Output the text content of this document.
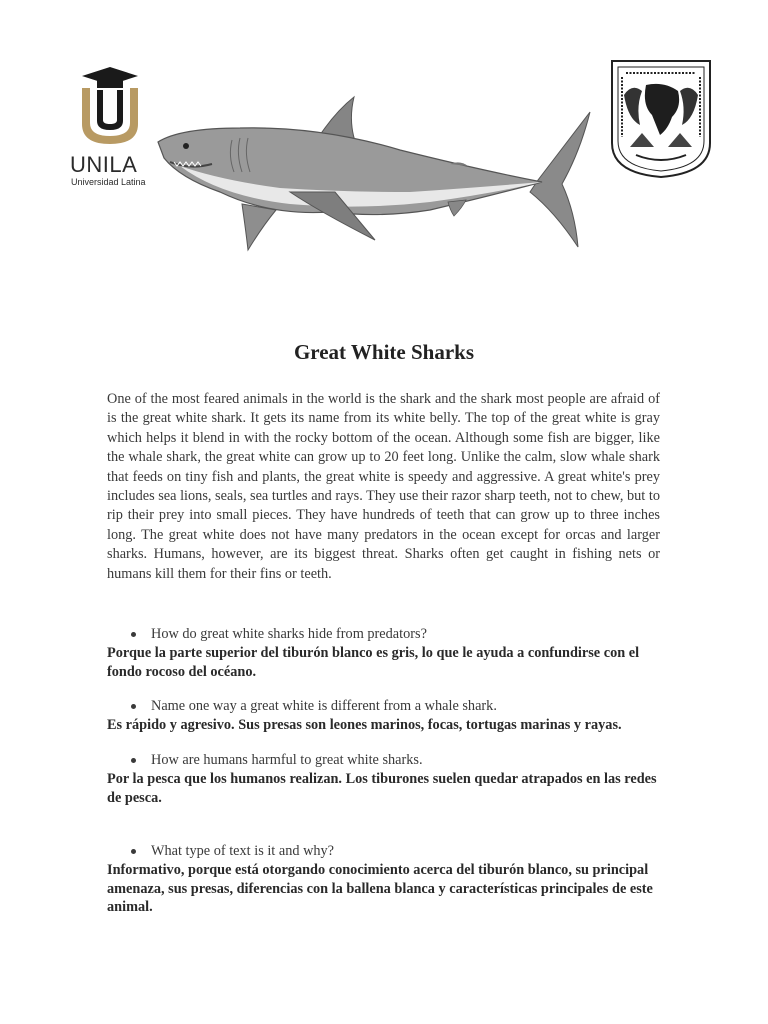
UNILA
Universidad Latina
Great White Sharks

One of the most feared animals in the world is the shark and the shark most people are afraid of is the great white shark. It gets its name from its white belly. The top of the great white is gray which helps it blend in with the rocky bottom of the ocean. Although some fish are bigger, like the whale shark, the great white can grow up to 20 feet long. Unlike the calm, slow whale shark that feeds on tiny fish and plants, the great white is speedy and aggressive. A great white's prey includes sea lions, seals, sea turtles and rays. They use their razor sharp teeth, not to chew, but to rip their prey into small pieces. They have hundreds of teeth that can grow up to three inches long. The great white does not have many predators in the ocean except for orcas and larger sharks. Humans, however, are its biggest threat. Sharks often get caught in fishing nets or humans kill them for their fins or teeth.

How do great white sharks hide from predators?
Porque la parte superior del tiburón blanco es gris, lo que le ayuda a confundirse con el fondo rocoso del océano.
Name one way a great white is different from a whale shark.
Es rápido y agresivo. Sus presas son leones marinos, focas, tortugas marinas y rayas.
How are humans harmful to great white sharks.
Por la pesca que los humanos realizan. Los tiburones suelen quedar atrapados en las redes de pesca.
What type of text is it and why?
Informativo, porque está otorgando conocimiento acerca del tiburón blanco, su principal amenaza, sus presas, diferencias con la ballena blanca y características principales de este animal.
